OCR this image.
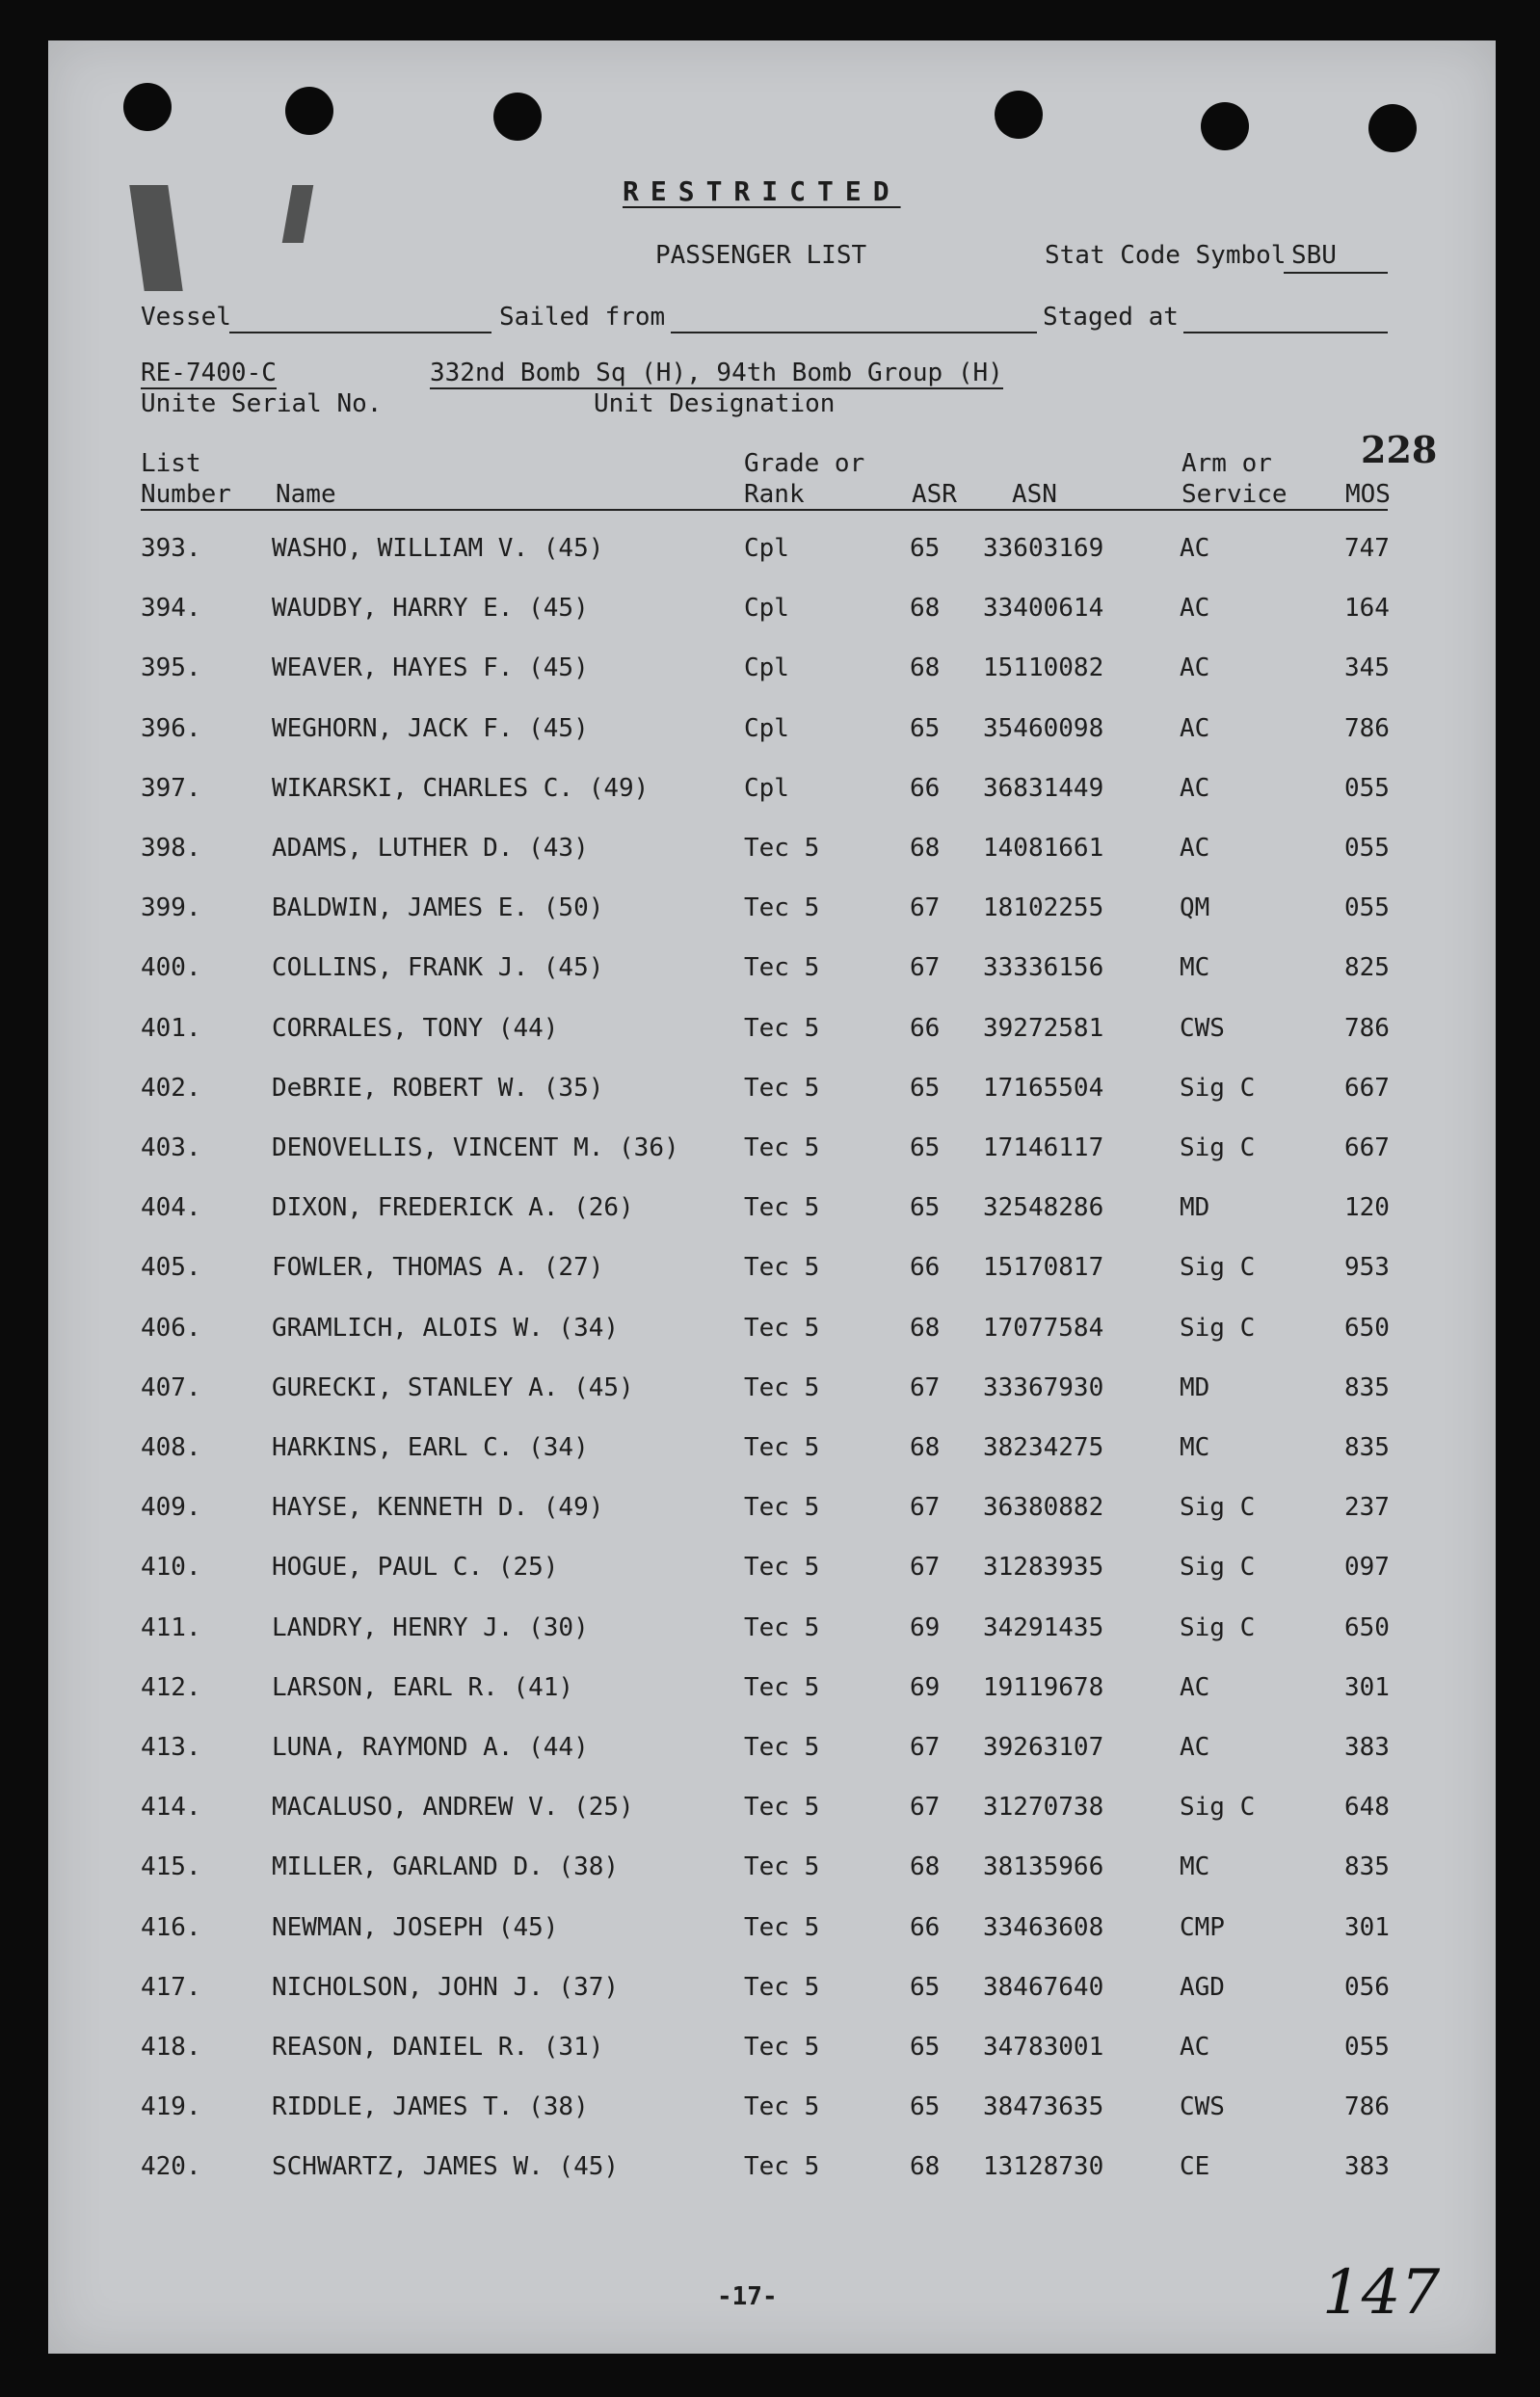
RESTRICTED
PASSENGER LIST	Stat Code Symbol SBU
Vessel	Sailed from	Staged at
RE-7400-C	332nd Bomb Sq (H), 94th Bomb Group (H)
Unite Serial No.	Unit Designation
228
List
Number Name
Grade or
Rank	ASR ASN
Arm or
Service MOS
393.	WASHO, WILLIAM V. (45)	Cpl	65 33603169	AC	747
394.	WAUDBY, HARRY E. (45)	Cpl	68 33400614	AC	164
395.	WEAVER, HAYES F. (45)	Cpl	68 15110082	AC	345
396.	WEGHORN, JACK F. (45)	Cpl	65 35460098	AC	786
397.	WIKARSKI, CHARLES C. (49)	Cpl	66 36831449	AC	055
398.	ADAMS, LUTHER D. (43)	Tec 5	68 14081661	AC	055
399.	BALDWIN, JAMES E. (50)	Tec 5	67 18102255	QM	055
400.	COLLINS, FRANK J. (45)	Tec 5	67 33336156	MC	825
401.	CORRALES, TONY (44)	Tec 5	66 39272581	CWS	786
402.	DeBRIE, ROBERT W. (35)	Tec 5	65 17165504	Sig C	667
403.	DENOVELLIS, VINCENT M. (36)	Tec 5	65 17146117	Sig C	667
404.	DIXON, FREDERICK A. (26)	Tec 5	65 32548286	MD	120
405.	FOWLER, THOMAS A. (27)	Tec 5	66 15170817	Sig C	953
406.	GRAMLICH, ALOIS W. (34)	Tec 5	68 17077584	Sig C	650
407.	GURECKI, STANLEY A. (45)	Tec 5	67 33367930	MD	835
408.	HARKINS, EARL C. (34)	Tec 5	68 38234275	MC	835
409.	HAYSE, KENNETH D. (49)	Tec 5	67 36380882	Sig C	237
410.	HOGUE, PAUL C. (25)	Tec 5	67 31283935	Sig C	097
411.	LANDRY, HENRY J. (30)	Tec 5	69 34291435	Sig C	650
412.	LARSON, EARL R. (41)	Tec 5	69 19119678	AC	301
413.	LUNA, RAYMOND A. (44)	Tec 5	67 39263107	AC	383
414.	MACALUSO, ANDREW V. (25)	Tec 5	67 31270738	Sig C	648
415.	MILLER, GARLAND D. (38)	Tec 5	68 38135966	MC	835
416.	NEWMAN, JOSEPH (45)	Tec 5	66 33463608	CMP	301
417.	NICHOLSON, JOHN J. (37)	Tec 5	65 38467640	AGD	056
418.	REASON, DANIEL R. (31)	Tec 5	65 34783001	AC	055
419.	RIDDLE, JAMES T. (38)	Tec 5	65 38473635	CWS	786
420.	SCHWARTZ, JAMES W. (45)	Tec 5	68 13128730	CE	383
-17-	147
